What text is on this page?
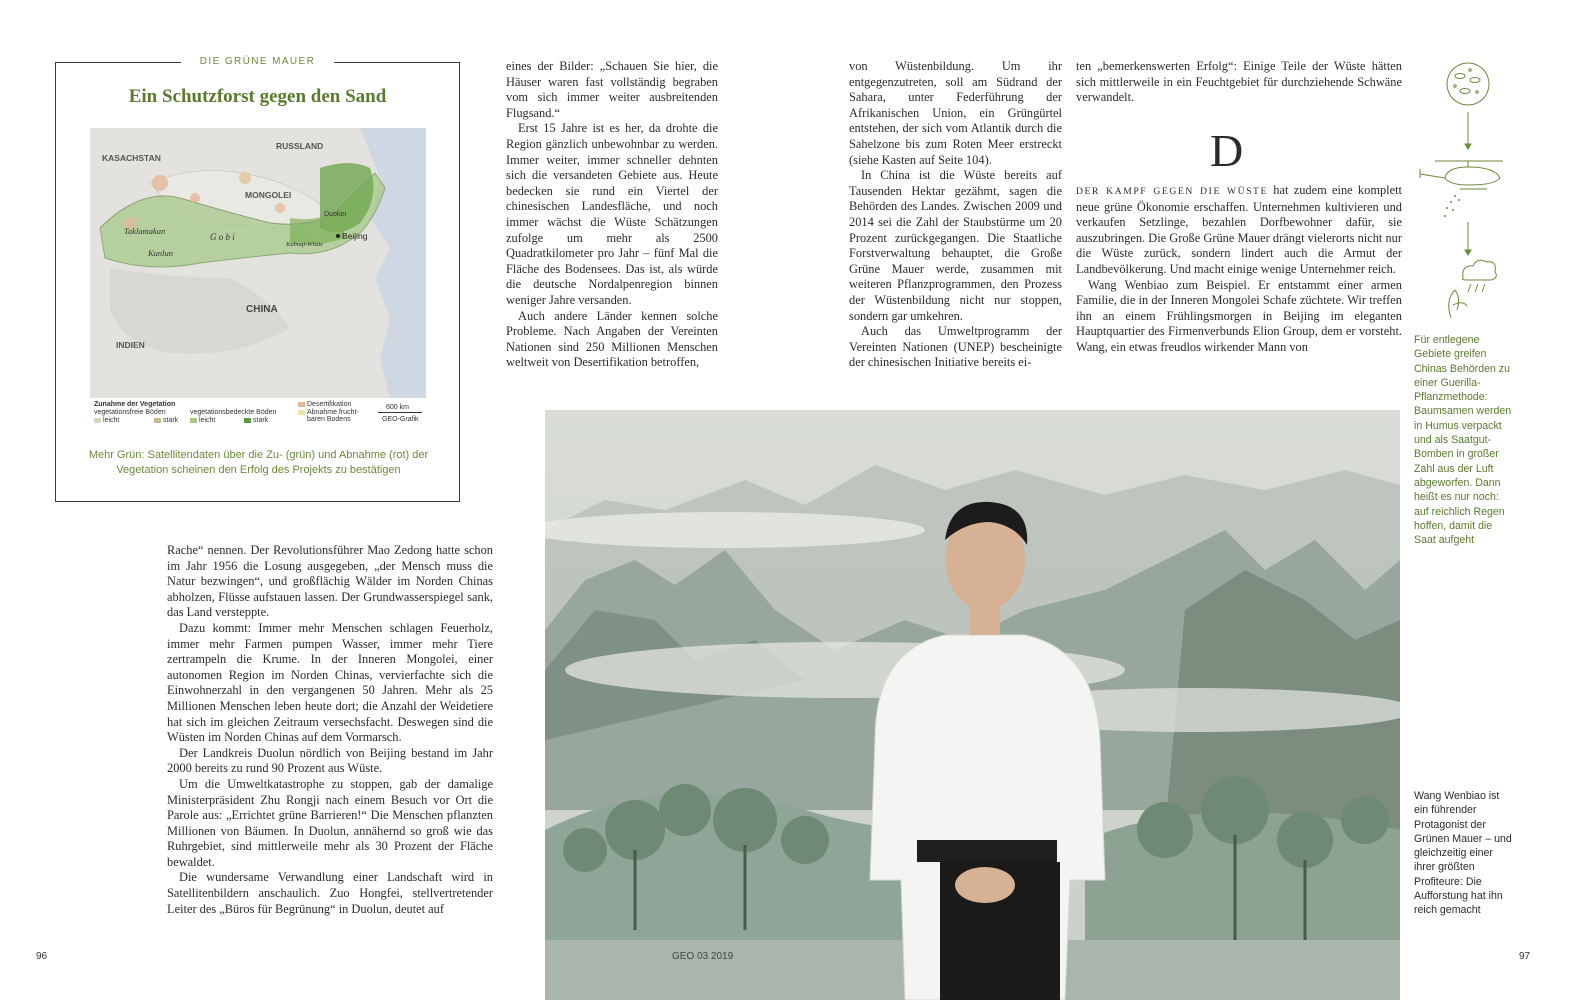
DIE GRÜNE MAUER
Ein Schutzforst gegen den Sand
KASACHSTAN
RUSSLAND
MONGOLEI
CHINA
INDIEN
Taklamakan
G o b i
Kunlun
Duolun
Beijing
Kubuqi-Wüste
Zunahme der Vegetation
vegetationsfreie Böden	vegetationsbedeckte Böden
leicht	stark	leicht	stark
Desertifikation
Abnahme frucht-
baren Bodens
600 km
GEO-Grafik
Mehr Grün: Satellitendaten über die Zu- (grün) und Abnahme (rot) der Vegetation scheinen den Erfolg des Projekts zu bestätigen

Rache“ nennen. Der Revolutionsführer Mao Zedong hatte schon im Jahr 1956 die Losung ausgegeben, „der Mensch muss die Natur bezwingen“, und großflächig Wälder im Norden Chinas abholzen, Flüsse aufstauen lassen. Der Grundwasserspiegel sank, das Land versteppte.

Dazu kommt: Immer mehr Menschen schlagen Feuerholz, immer mehr Farmen pumpen Wasser, immer mehr Tiere zertrampeln die Krume. In der Inneren Mongolei, einer autonomen Region im Norden Chinas, vervierfachte sich die Einwohnerzahl in den vergangenen 50 Jahren. Mehr als 25 Millionen Menschen leben heute dort; die Anzahl der Weidetiere hat sich im gleichen Zeitraum versechsfacht. Deswegen sind die Wüsten im Norden Chinas auf dem Vormarsch.

Der Landkreis Duolun nördlich von Beijing bestand im Jahr 2000 bereits zu rund 90 Prozent aus Wüste.

Um die Umweltkatastrophe zu stoppen, gab der damalige Ministerpräsident Zhu Rongji nach einem Besuch vor Ort die Parole aus: „Errichtet grüne Barrieren!“ Die Menschen pflanzten Millionen von Bäumen. In Duolun, annähernd so groß wie das Ruhrgebiet, sind mittlerweile mehr als 30 Prozent der Fläche bewaldet.

Die wundersame Verwandlung einer Landschaft wird in Satellitenbildern anschaulich. Zuo Hongfei, stellvertretender Leiter des „Büros für Begrünung“ in Duolun, deutet auf

eines der Bilder: „Schauen Sie hier, die Häuser waren fast vollständig begraben vom sich immer weiter ausbreitenden Flugsand.“

Erst 15 Jahre ist es her, da drohte die Region gänzlich unbewohnbar zu werden. Immer weiter, immer schneller dehnten sich die versandeten Gebiete aus. Heute bedecken sie rund ein Viertel der chinesischen Landesfläche, und noch immer wächst die Wüste Schätzungen zufolge um mehr als 2500 Quadratkilometer pro Jahr – fünf Mal die Fläche des Bodensees. Das ist, als würde die deutsche Nordalpenregion binnen weniger Jahre versanden.

Auch andere Länder kennen solche Probleme. Nach Angaben der Vereinten Nationen sind 250 Millionen Menschen weltweit von Desertifikation betroffen,

von Wüstenbildung. Um ihr entgegenzutreten, soll am Südrand der Sahara, unter Federführung der Afrikanischen Union, ein Grüngürtel entstehen, der sich vom Atlantik durch die Sahelzone bis zum Roten Meer erstreckt (siehe Kasten auf Seite 104).

In China ist die Wüste bereits auf Tausenden Hektar gezähmt, sagen die Behörden des Landes. Zwischen 2009 und 2014 sei die Zahl der Staubstürme um 20 Prozent zurückgegangen. Die Staatliche Forstverwaltung behauptet, die Große Grüne Mauer werde, zusammen mit weiteren Pflanzprogrammen, den Prozess der Wüstenbildung nicht nur stoppen, sondern gar umkehren.

Auch das Umweltprogramm der Vereinten Nationen (UNEP) bescheinigte der chinesischen Initiative bereits ei-

ten „bemerkenswerten Erfolg“: Einige Teile der Wüste hätten sich mittlerweile in ein Feuchtgebiet für durchziehende Schwäne verwandelt.

D

DER KAMPF GEGEN DIE WÜSTE hat zudem eine komplett neue grüne Ökonomie erschaffen. Unternehmen kultivieren und verkaufen Setzlinge, bezahlen Dorfbewohner dafür, sie auszubringen. Die Große Grüne Mauer drängt vielerorts nicht nur die Wüste zurück, sondern lindert auch die Armut der Landbevölkerung. Und macht einige wenige Unternehmer reich.

Wang Wenbiao zum Beispiel. Er entstammt einer armen Familie, die in der Inneren Mongolei Schafe züchtete. Wir treffen ihn an einem Frühlingsmorgen in Beijing im eleganten Hauptquartier des Firmenverbunds Elion Group, dem er vorsteht. Wang, ein etwas freudlos wirkender Mann von	Für entlegene Gebiete greifen Chinas Behörden zu einer Guerilla-Pflanzmethode: Baumsamen werden in Humus verpackt und als Saatgut-Bomben in großer Zahl aus der Luft abgeworfen. Dann heißt es nur noch: auf reichlich Regen hoffen, damit die Saat aufgeht
Wang Wenbiao ist ein führender Protagonist der Grünen Mauer – und gleichzeitig einer ihrer größten Profiteure: Die Aufforstung hat ihn reich gemacht
96	97
GEO 03 2019
